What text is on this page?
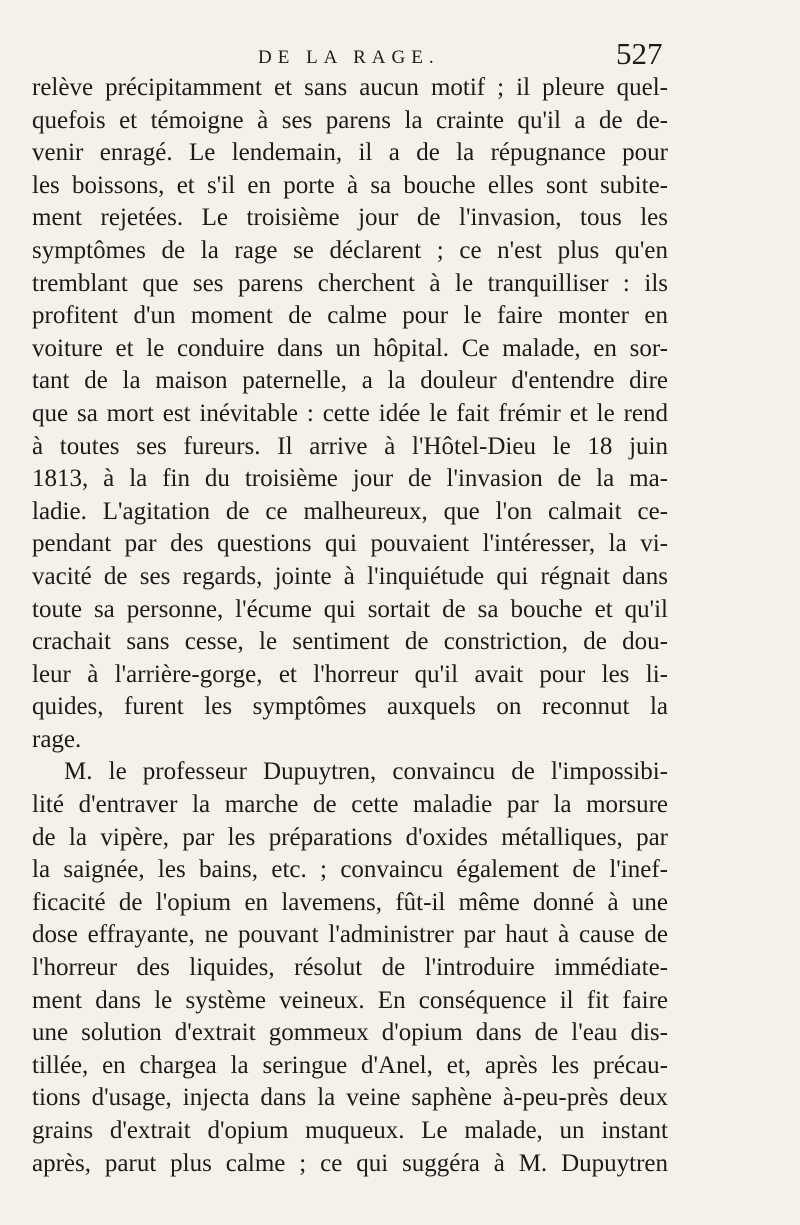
DE LA RAGE.	527
relève précipitamment et sans aucun motif ; il pleure quel-
quefois et témoigne à ses parens la crainte qu'il a de de-
venir enragé. Le lendemain, il a de la répugnance pour
les boissons, et s'il en porte à sa bouche elles sont subite-
ment rejetées. Le troisième jour de l'invasion, tous les
symptômes de la rage se déclarent ; ce n'est plus qu'en
tremblant que ses parens cherchent à le tranquilliser : ils
profitent d'un moment de calme pour le faire monter en
voiture et le conduire dans un hôpital. Ce malade, en sor-
tant de la maison paternelle, a la douleur d'entendre dire
que sa mort est inévitable : cette idée le fait frémir et le rend
à toutes ses fureurs. Il arrive à l'Hôtel-Dieu le 18 juin
1813, à la fin du troisième jour de l'invasion de la ma-
ladie. L'agitation de ce malheureux, que l'on calmait ce-
pendant par des questions qui pouvaient l'intéresser, la vi-
vacité de ses regards, jointe à l'inquiétude qui régnait dans
toute sa personne, l'écume qui sortait de sa bouche et qu'il
crachait sans cesse, le sentiment de constriction, de dou-
leur à l'arrière-gorge, et l'horreur qu'il avait pour les li-
quides, furent les symptômes auxquels on reconnut la
rage.
M. le professeur Dupuytren, convaincu de l'impossibi-
lité d'entraver la marche de cette maladie par la morsure
de la vipère, par les préparations d'oxides métalliques, par
la saignée, les bains, etc. ; convaincu également de l'inef-
ficacité de l'opium en lavemens, fût-il même donné à une
dose effrayante, ne pouvant l'administrer par haut à cause de
l'horreur des liquides, résolut de l'introduire immédiate-
ment dans le système veineux. En conséquence il fit faire
une solution d'extrait gommeux d'opium dans de l'eau dis-
tillée, en chargea la seringue d'Anel, et, après les précau-
tions d'usage, injecta dans la veine saphène à-peu-près deux
grains d'extrait d'opium muqueux. Le malade, un instant
après, parut plus calme ; ce qui suggéra à M. Dupuytren
